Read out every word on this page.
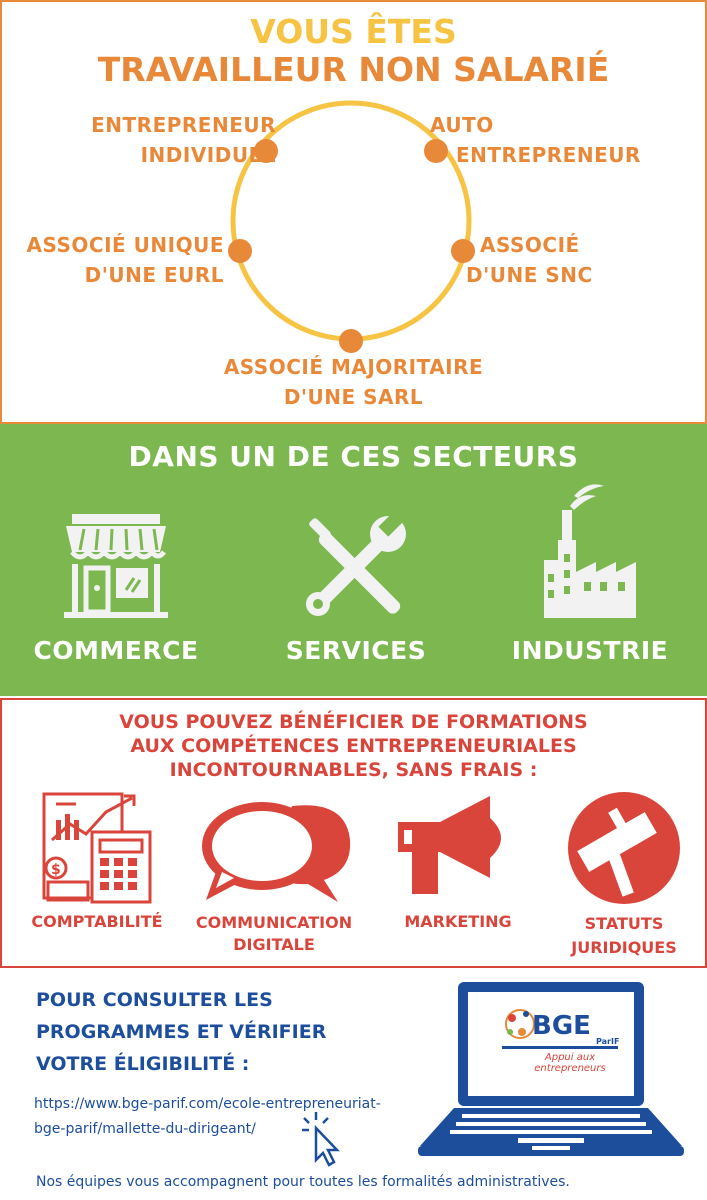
VOUS ÊTES
TRAVAILLEUR NON SALARIÉ
ENTREPRENEUR
INDIVIDUEL
AUTO
ENTREPRENEUR
ASSOCIÉ UNIQUE
D'UNE EURL
ASSOCIÉ
D'UNE SNC
ASSOCIÉ MAJORITAIRE
D'UNE SARL
DANS UN DE CES SECTEURS
COMMERCE	SERVICES	INDUSTRIE
VOUS POUVEZ BÉNÉFICIER DE FORMATIONS
AUX COMPÉTENCES ENTREPRENEURIALES
INCONTOURNABLES, SANS FRAIS :
$
COMPTABILITÉ	COMMUNICATION
DIGITALE
MARKETING	STATUTS
JURIDIQUES
POUR CONSULTER LES
PROGRAMMES ET VÉRIFIER
VOTRE ÉLIGIBILITÉ :
https://www.bge-parif.com/ecole-entrepreneuriat-
bge-parif/mallette-du-dirigeant/
BGE
ParIF
Appui aux entrepreneurs
Nos équipes vous accompagnent pour toutes les formalités administratives.
